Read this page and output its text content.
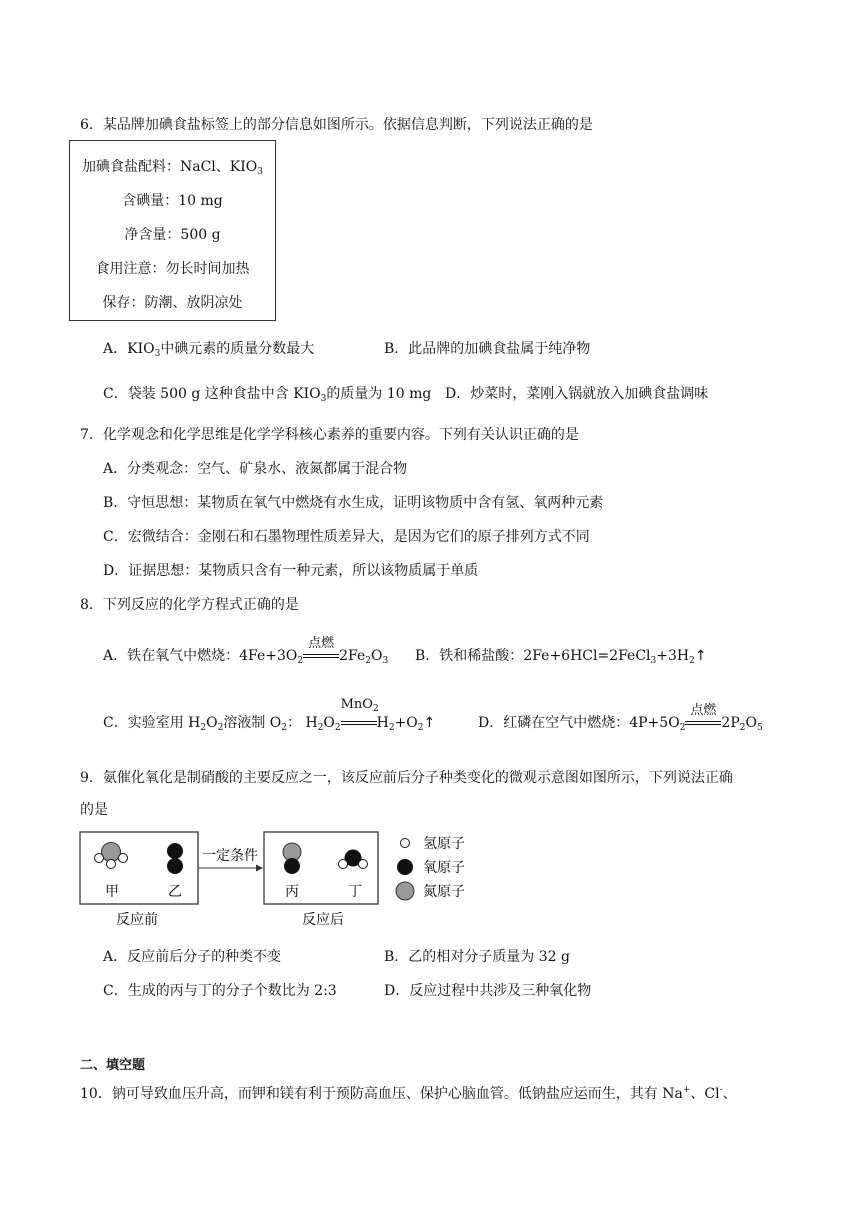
6．某品牌加碘食盐标签上的部分信息如图所示。依据信息判断，下列说法正确的是
加碘食盐配料：NaCl、$KIO_3$
含碘量：10 mg
净含量：500 g
食用注意：勿长时间加热
保存：防潮、放阴凉处
A．$KIO_3$中碘元素的质量分数最大	B．此品牌的加碘食盐属于纯净物
C．袋装 500 g 这种食盐中含 $KIO_3$的质量为 10 mg D．炒菜时，菜刚入锅就放入加碘食盐调味
7．化学观念和化学思维是化学学科核心素养的重要内容。下列有关认识正确的是
A．分类观念：空气、矿泉水、液氮都属于混合物
B．守恒思想：某物质在氧气中燃烧有水生成，证明该物质中含有氢、氧两种元素
C．宏微结合：金刚石和石墨物理性质差异大，是因为它们的原子排列方式不同
D．证据思想：某物质只含有一种元素，所以该物质属于单质
8．下列反应的化学方程式正确的是
A．铁在氧气中燃烧：$4Fe+3O_2$
点燃
$2Fe_2O_3$ B．铁和稀盐酸：$2Fe+6HCl=2FeCl_3+3H_2↑$
C．实验室用 $H_2O_2$溶液制 $O_2$： $H_2O_2$
MnO$_2$
$H_2+O_2↑$	D．红磷在空气中燃烧：$4P+5O_2$
点燃
$2P_2O_5$
9．氨催化氧化是制硝酸的主要反应之一，该反应前后分子种类变化的微观示意图如图所示，下列说法正确
的是
甲	乙
反应前
一定条件
丙	丁
反应后
氢原子
氧原子
氮原子
A．反应前后分子的种类不变	B．乙的相对分子质量为 32 g
C．生成的丙与丁的分子个数比为 2:3	D．反应过程中共涉及三种氧化物
二、填空题
10．钠可导致血压升高，而钾和镁有利于预防高血压、保护心脑血管。低钠盐应运而生，其有 Na+、Cl-、
